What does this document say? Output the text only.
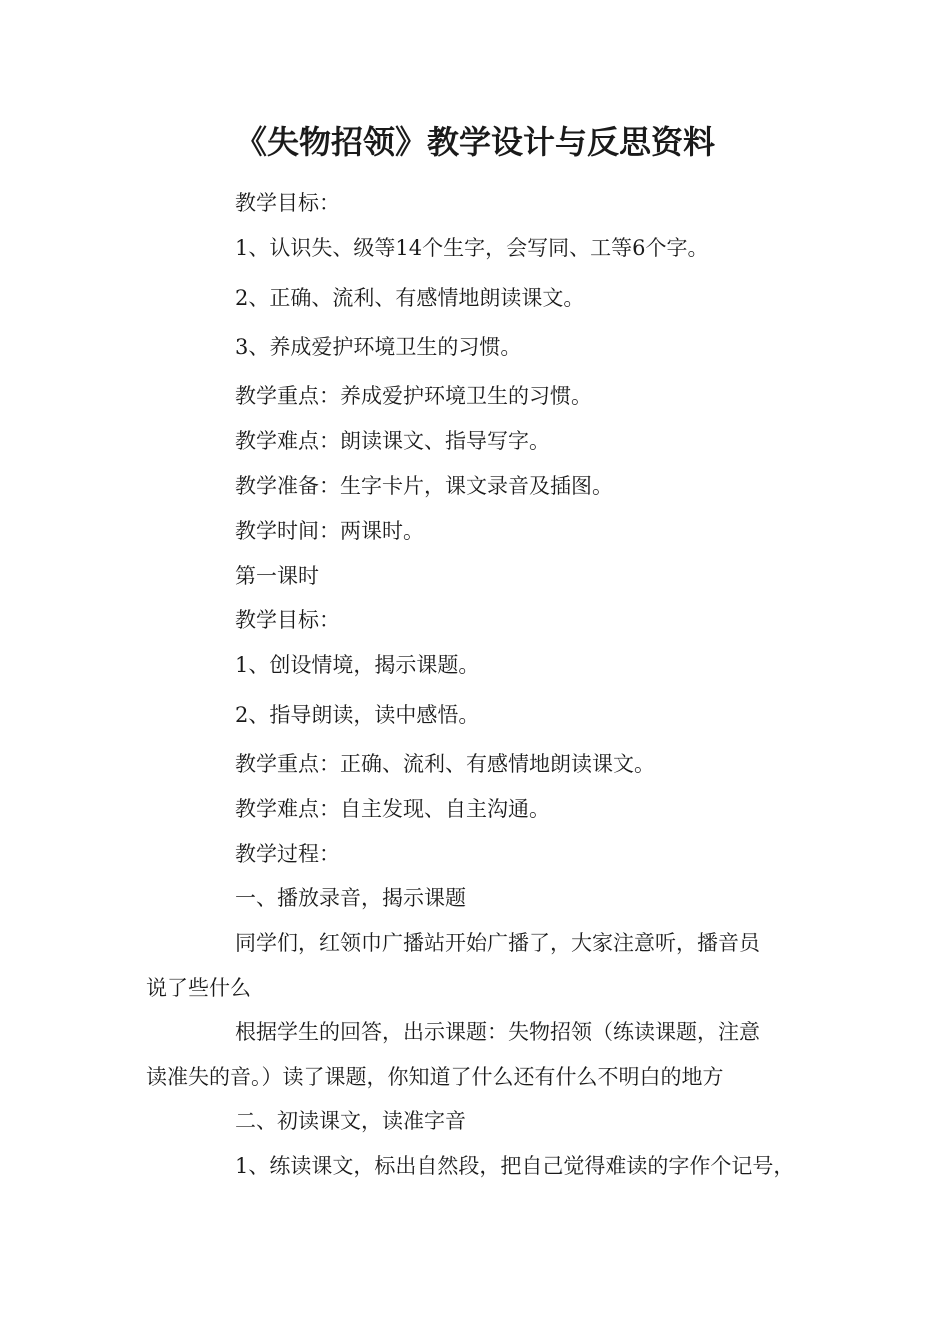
《失物招领》教学设计与反思资料
教学目标：
1、认识失、级等14个生字，会写同、工等6个字。
2、正确、流利、有感情地朗读课文。
3、养成爱护环境卫生的习惯。
教学重点：养成爱护环境卫生的习惯。
教学难点：朗读课文、指导写字。
教学准备：生字卡片，课文录音及插图。
教学时间：两课时。
第一课时
教学目标：
1、创设情境，揭示课题。
2、指导朗读，读中感悟。
教学重点：正确、流利、有感情地朗读课文。
教学难点：自主发现、自主沟通。
教学过程：
一、播放录音，揭示课题
同学们，红领巾广播站开始广播了，大家注意听，播音员
说了些什么
根据学生的回答，出示课题：失物招领（练读课题，注意
读准失的音。）读了课题，你知道了什么还有什么不明白的地方
二、初读课文，读准字音
1、练读课文，标出自然段，把自己觉得难读的字作个记号，
